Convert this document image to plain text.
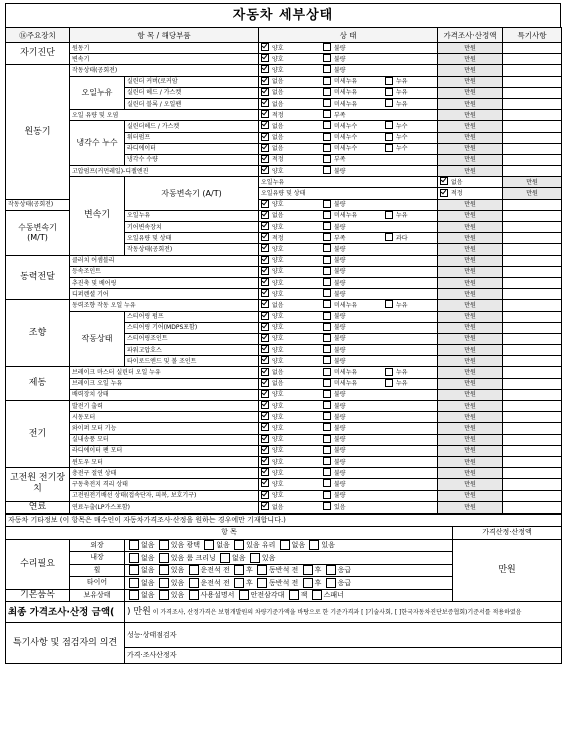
자동차 세부상태
⑯주요장치	항 목 / 해당부품		상 태	가격조사·산정액	특기사항	
자기진단	원동기		양호 불량	만원		
	변속기		양호 불량	만원		
원동기	작동상태(공회전)		양호 불량	만원		
	오일누유	실린더 커버(로커암	없음 미세누유 누유	만원		
		실린더 헤드 / 가스켓	없음 미세누유 누유	만원		
		실린더 블록 / 오일팬	없음 미세누유 누유	만원		
	오일 유량 및 오염		적정 부족	만원		
	냉각수 누수	실린더헤드 / 가스켓	없음 미세누수 누수	만원		
		워터펌프	없음 미세누수 누수	만원		
		라디에이터	없음 미세누수 누수	만원		
		냉각수 수량	적정 부족	만원		
	고압펌프(커먼레일)-디젤엔진		양호 불량	만원		
	변속기	자동변속기 (A/T)	오일누유	없음	만원	
			오일유량 및 상태	적정	만원	
작동상태(공회전)			양호 불량	만원		
수동변속기 (M/T)		오일누유	없음 미세누유 누유	만원		
		기어변속장치	양호 불량	만원		
		오일유량 및 상태	적정 부족 과다	만원		
		작동상태(공회전)	양호 불량	만원		
동력전달	클러치 어셈블리		양호 불량	만원		
	등속조인트		양호 불량	만원		
	추진축 및 베어링		양호 불량	만원		
	디퍼렌셜 기어		양호 불량	만원		
조향	동력조향 작동 오일 누유		없음 미세누유 누유	만원		
	작동상태	스티어링 펌프	양호 불량	만원		
		스티어링 기어(MDPS포함)	양호 불량	만원		
		스티어링조인트	양호 불량	만원		
		파워고압호스	양호 불량	만원		
		타이로드엔드 및 볼 조인트	양호 불량	만원		
제동	브레이크 마스터 실린더 오일 누유		없음 미세누유 누유	만원		
	브레이크 오일 누유		없음 미세누유 누유	만원		
	배력장치 상태		양호 불량	만원		
전기	발전기 출력		양호 불량	만원		
	시동모터		양호 불량	만원		
	와이퍼 모터 기능		양호 불량	만원		
	실내송풍 모터		양호 불량	만원		
	라디에이터 팬 모터		양호 불량	만원		
	윈도우 모터		양호 불량	만원		
고전원 전기장치	충전구 절연 상태		양호 불량	만원		
	구동축전지 격리 상태		양호 불량	만원		
	고전원전기배선 상태(접속단자, 피복, 보호기구)		양호 불량	만원		
연료	연료누출(LP가스포함)		없음 있음	만원		
자동차 기타정보 (이 항목은 매수인이 자동차가격조사·산정을 원하는 경우에만 기재합니다.)			
항 목			가격산정·산정액
수리필요	외장	없음 있음 광택 없음 있음 유리 없음 있음	만원
	내장	없음 있음 룸 크리닝 없음 있음	
	휠	없음 있음 운전석 전 후 동반석 전 후 응급	
	타이어	없음 있음 운전석 전 후 동반석 전 후 응급	
기본품목	보유상태	없음 있음 사용설명서 안전삼각대 잭 스패너	
최종 가격조사·산정 금액(		) 만원 이 가격조사, 산정가격은 보험개발원의 차량기준가액을 바탕으로 한 기준가격과 [ ]기술사회, [ ]한국자동차진단보증협회)기준서를 적용하였음	
특기사항 및 점검자의 의견		성능·상태점검자	
		가격·조사산정자	
